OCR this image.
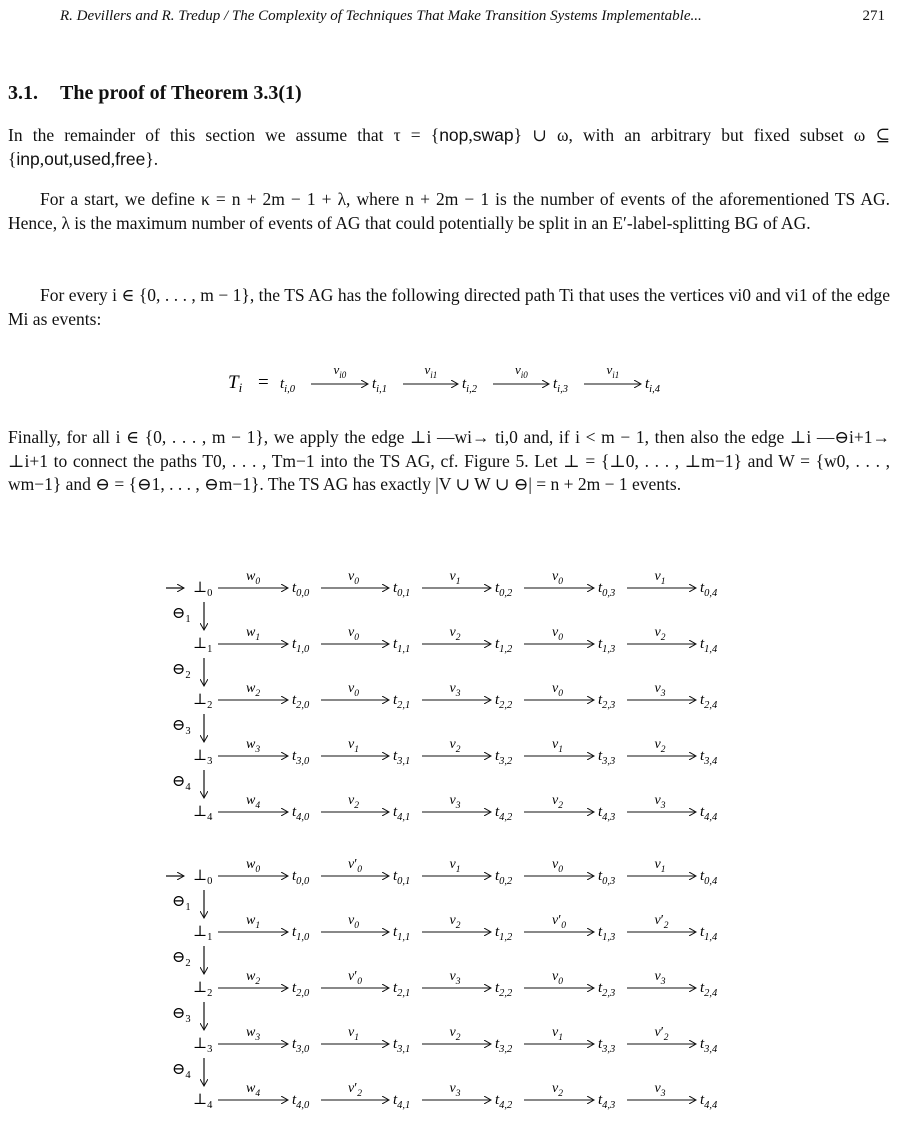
R. Devillers and R. Tredup / The Complexity of Techniques That Make Transition Systems Implementable...	271
3.1. The proof of Theorem 3.3(1)

In the remainder of this section we assume that τ = {nop,swap} ∪ ω, with an arbitrary but fixed subset ω ⊆ {inp,out,used,free}.

For a start, we define κ = n + 2m − 1 + λ, where n + 2m − 1 is the number of events of the aforementioned TS AG. Hence, λ is the maximum number of events of AG that could potentially be split in an E′-label-splitting BG of AG.

For every i ∈ {0, . . . , m − 1}, the TS AG has the following directed path Ti that uses the vertices vi0 and vi1 of the edge Mi as events:

$T_i = t_{i,0}$
$v_{i0}$
$t_{i,1}$
$v_{i1}$
$t_{i,2}$
$v_{i0}$
$t_{i,3}$
$v_{i1}$
$t_{i,4}$

Finally, for all i ∈ {0, . . . , m − 1}, we apply the edge ⊥i —wi→ ti,0 and, if i < m − 1, then also the edge ⊥i —⊖i+1→ ⊥i+1 to connect the paths T0, . . . , Tm−1 into the TS AG, cf. Figure 5. Let ⊥ = {⊥0, . . . , ⊥m−1} and W = {w0, . . . , wm−1} and ⊖ = {⊖1, . . . , ⊖m−1}. The TS AG has exactly |V ∪ W ∪ ⊖| = n + 2m − 1 events.

$\perp_0$	$t_{0,0}$
$w_0$	$t_{0,1}$
$v_0$	$t_{0,2}$
$v_1$	$t_{0,3}$
$v_0$	$t_{0,4}$
$v_1$
$\perp_1$	$t_{1,0}$
$w_1$	$t_{1,1}$
$v_0$	$t_{1,2}$
$v_2$	$t_{1,3}$
$v_0$	$t_{1,4}$
$v_2$
$\perp_2$	$t_{2,0}$
$w_2$	$t_{2,1}$
$v_0$	$t_{2,2}$
$v_3$	$t_{2,3}$
$v_0$	$t_{2,4}$
$v_3$
$\perp_3$	$t_{3,0}$
$w_3$	$t_{3,1}$
$v_1$	$t_{3,2}$
$v_2$	$t_{3,3}$
$v_1$	$t_{3,4}$
$v_2$
$\perp_4$	$t_{4,0}$
$w_4$	$t_{4,1}$
$v_2$	$t_{4,2}$
$v_3$	$t_{4,3}$
$v_2$	$t_{4,4}$
$v_3$
$⊖_1$
$⊖_2$
$⊖_3$
$⊖_4$
$\perp_0$	$t_{0,0}$
$w_0$	$t_{0,1}$
$v'_0$	$t_{0,2}$
$v_1$	$t_{0,3}$
$v_0$	$t_{0,4}$
$v_1$
$\perp_1$	$t_{1,0}$
$w_1$	$t_{1,1}$
$v_0$	$t_{1,2}$
$v_2$	$t_{1,3}$
$v'_0$	$t_{1,4}$
$v'_2$
$\perp_2$	$t_{2,0}$
$w_2$	$t_{2,1}$
$v'_0$	$t_{2,2}$
$v_3$	$t_{2,3}$
$v_0$	$t_{2,4}$
$v_3$
$\perp_3$	$t_{3,0}$
$w_3$	$t_{3,1}$
$v_1$	$t_{3,2}$
$v_2$	$t_{3,3}$
$v_1$	$t_{3,4}$
$v'_2$
$\perp_4$	$t_{4,0}$
$w_4$	$t_{4,1}$
$v'_2$	$t_{4,2}$
$v_3$	$t_{4,3}$
$v_2$	$t_{4,4}$
$v_3$
$⊖_1$
$⊖_2$
$⊖_3$
$⊖_4$
